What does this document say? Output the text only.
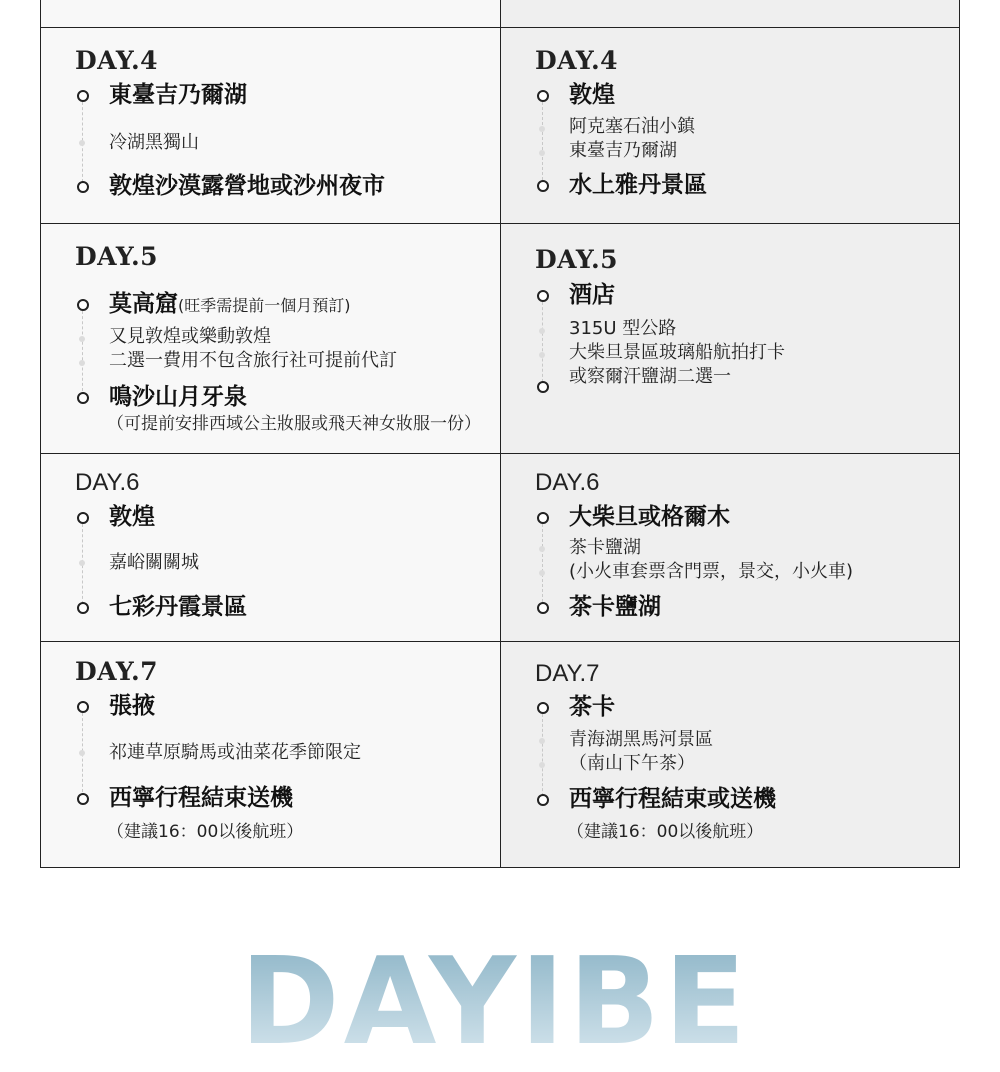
DAY.4
東臺吉乃爾湖
冷湖黑獨山
敦煌沙漠露營地或沙州夜市
DAY.4
敦煌
阿克塞石油小鎮
東臺吉乃爾湖
水上雅丹景區
DAY.5
莫高窟(旺季需提前一個月預訂)
又見敦煌或樂動敦煌
二選一費用不包含旅行社可提前代訂
鳴沙山月牙泉
（可提前安排西域公主妝服或飛天神女妝服一份）
DAY.5
酒店
315U 型公路
大柴旦景區玻璃船航拍打卡
或察爾汗鹽湖二選一
DAY.6
敦煌
嘉峪關關城
七彩丹霞景區
DAY.6
大柴旦或格爾木
茶卡鹽湖
(小火車套票含門票，景交，小火車)
茶卡鹽湖
DAY.7
張掖
祁連草原騎馬或油菜花季節限定
西寧行程結束送機
（建議16：00以後航班）
DAY.7
茶卡
青海湖黑馬河景區
（南山下午茶）
西寧行程結束或送機
（建議16：00以後航班）
DAYIBEI
